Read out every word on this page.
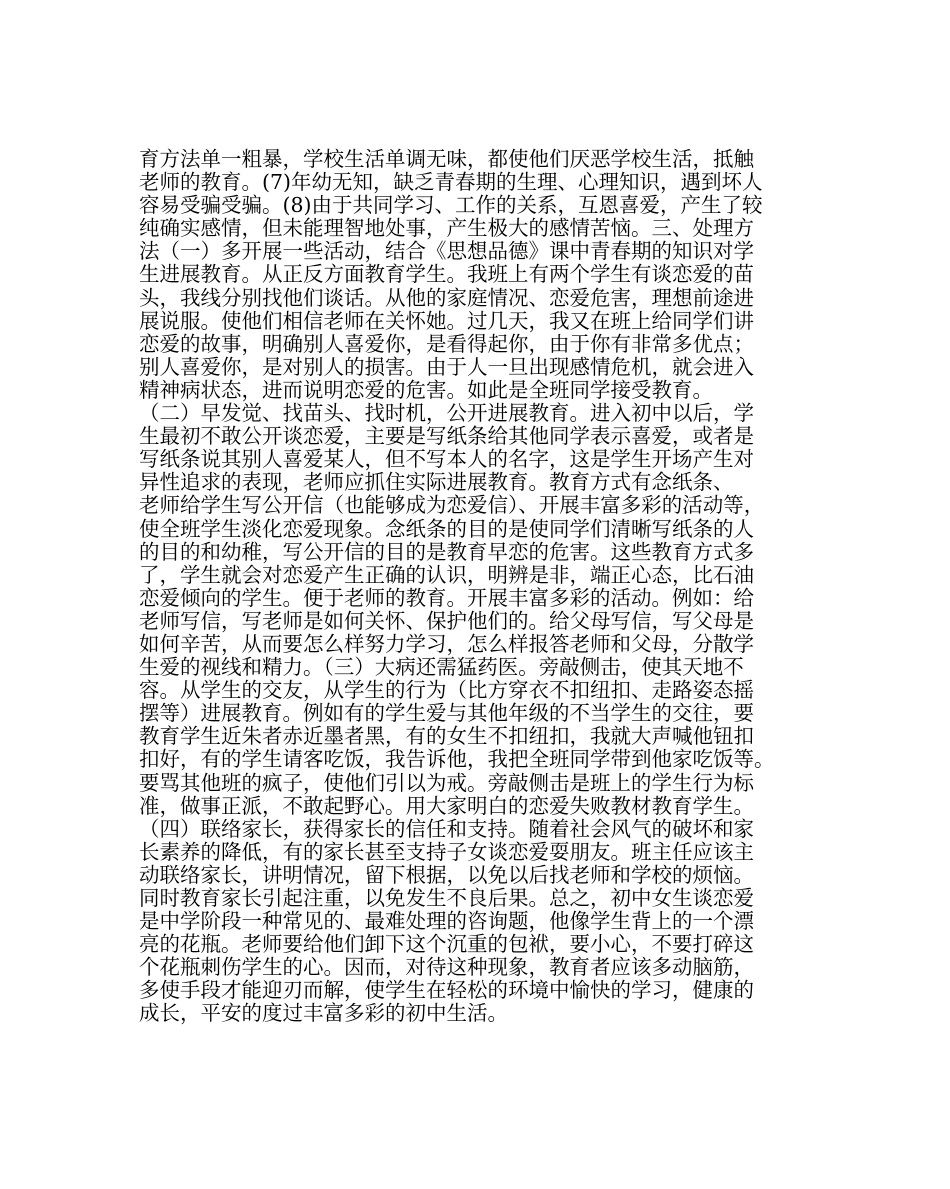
育方法单一粗暴，学校生活单调无味，都使他们厌恶学校生活，抵触
老师的教育。(7)年幼无知，缺乏青春期的生理、心理知识，遇到坏人
容易受骗受骗。(8)由于共同学习、工作的关系，互恩喜爱，产生了较
纯确实感情，但未能理智地处事，产生极大的感情苦恼。三、处理方
法（一）多开展一些活动，结合《思想品德》课中青春期的知识对学
生进展教育。从正反方面教育学生。我班上有两个学生有谈恋爱的苗
头，我线分别找他们谈话。从他的家庭情况、恋爱危害，理想前途进
展说服。使他们相信老师在关怀她。过几天，我又在班上给同学们讲
恋爱的故事，明确别人喜爱你，是看得起你，由于你有非常多优点；
别人喜爱你，是对别人的损害。由于人一旦出现感情危机，就会进入
精神病状态，进而说明恋爱的危害。如此是全班同学接受教育。
（二）早发觉、找苗头、找时机，公开进展教育。进入初中以后，学
生最初不敢公开谈恋爱，主要是写纸条给其他同学表示喜爱，或者是
写纸条说其别人喜爱某人，但不写本人的名字，这是学生开场产生对
异性追求的表现，老师应抓住实际进展教育。教育方式有念纸条、
老师给学生写公开信（也能够成为恋爱信）、开展丰富多彩的活动等，
使全班学生淡化恋爱现象。念纸条的目的是使同学们清晰写纸条的人
的目的和幼稚，写公开信的目的是教育早恋的危害。这些教育方式多
了，学生就会对恋爱产生正确的认识，明辨是非，端正心态，比石油
恋爱倾向的学生。便于老师的教育。开展丰富多彩的活动。例如：给
老师写信，写老师是如何关怀、保护他们的。给父母写信，写父母是
如何辛苦，从而要怎么样努力学习，怎么样报答老师和父母，分散学
生爱的视线和精力。（三）大病还需猛药医。旁敲侧击，使其天地不
容。从学生的交友，从学生的行为（比方穿衣不扣纽扣、走路姿态摇
摆等）进展教育。例如有的学生爱与其他年级的不当学生的交往，要
教育学生近朱者赤近墨者黑，有的女生不扣纽扣，我就大声喊他钮扣
扣好，有的学生请客吃饭，我告诉他，我把全班同学带到他家吃饭等。
要骂其他班的疯子，使他们引以为戒。旁敲侧击是班上的学生行为标
准，做事正派，不敢起野心。用大家明白的恋爱失败教材教育学生。
（四）联络家长，获得家长的信任和支持。随着社会风气的破坏和家
长素养的降低，有的家长甚至支持子女谈恋爱耍朋友。班主任应该主
动联络家长，讲明情况，留下根据，以免以后找老师和学校的烦恼。
同时教育家长引起注重，以免发生不良后果。总之，初中女生谈恋爱
是中学阶段一种常见的、最难处理的咨询题，他像学生背上的一个漂
亮的花瓶。老师要给他们卸下这个沉重的包袱，要小心，不要打碎这
个花瓶刺伤学生的心。因而，对待这种现象，教育者应该多动脑筋，
多使手段才能迎刃而解，使学生在轻松的环境中愉快的学习，健康的
成长，平安的度过丰富多彩的初中生活。
